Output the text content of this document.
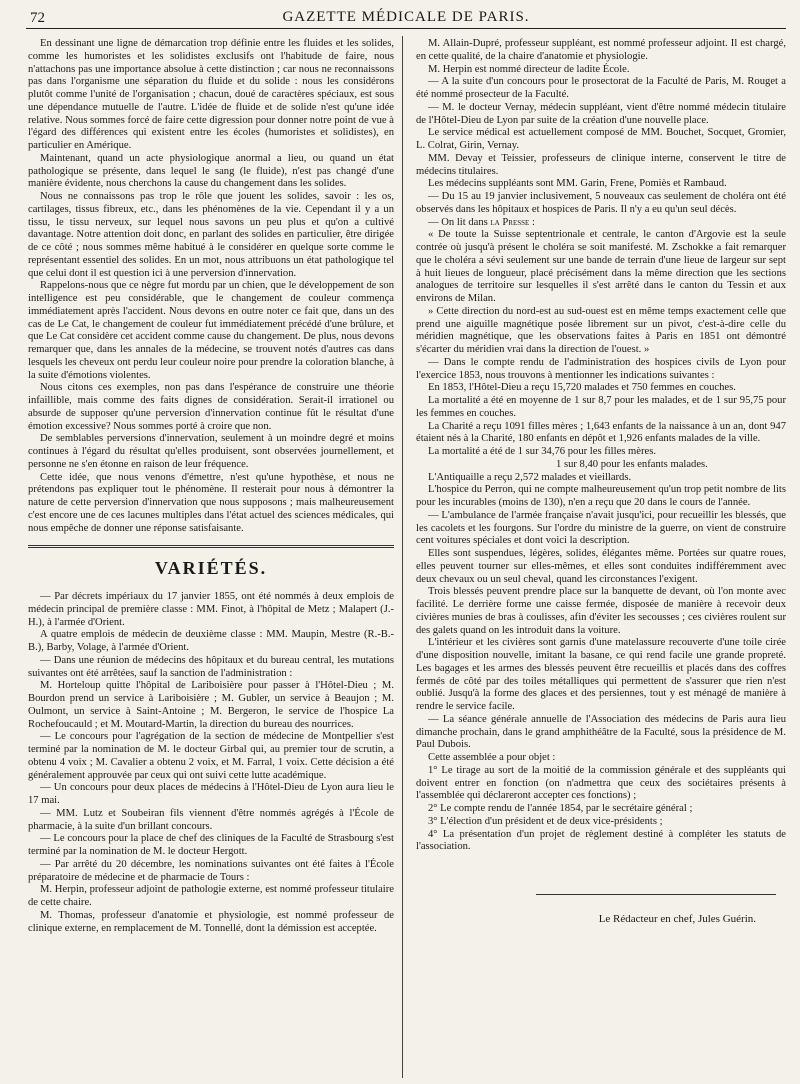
72	GAZETTE MÉDICALE DE PARIS.

En dessinant une ligne de démarcation trop définie entre les fluides et les solides, comme les humoristes et les solidistes exclusifs ont l'habitude de faire, nous n'attachons pas une importance absolue à cette distinction ; car nous ne reconnaissons pas dans l'organisme une séparation du fluide et du solide : nous les considérons plutôt comme l'unité de l'organisation ; chacun, doué de caractères spéciaux, est sous une dépendance mutuelle de l'autre. L'idée de fluide et de solide n'est qu'une idée relative. Nous sommes forcé de faire cette digression pour donner notre point de vue à l'égard des différences qui existent entre les écoles (humoristes et solidistes), en particulier en Amérique.

Maintenant, quand un acte physiologique anormal a lieu, ou quand un état pathologique se présente, dans lequel le sang (le fluide), n'est pas changé d'une manière évidente, nous cherchons la cause du changement dans les solides.

Nous ne connaissons pas trop le rôle que jouent les solides, savoir : les os, cartilages, tissus fibreux, etc., dans les phénomènes de la vie. Cependant il y a un tissu, le tissu nerveux, sur lequel nous savons un peu plus et qu'on a cultivé davantage. Notre attention doit donc, en parlant des solides en particulier, être dirigée de ce côté ; nous sommes même habitué à le considérer en quelque sorte comme le représentant essentiel des solides. En un mot, nous attribuons un état pathologique tel que celui dont il est question ici à une perversion d'innervation.

Rappelons-nous que ce nègre fut mordu par un chien, que le développement de son intelligence est peu considérable, que le changement de couleur commença immédiatement après l'accident. Nous devons en outre noter ce fait que, dans un des cas de Le Cat, le changement de couleur fut immédiatement précédé d'une brûlure, et que Le Cat considère cet accident comme cause du changement. De plus, nous devons remarquer que, dans les annales de la médecine, se trouvent notés d'autres cas dans lesquels les cheveux ont perdu leur couleur noire pour prendre la coloration blanche, à la suite d'émotions violentes.

Nous citons ces exemples, non pas dans l'espérance de construire une théorie infaillible, mais comme des faits dignes de considération. Serait-il irrationel ou absurde de supposer qu'une perversion d'innervation continue fût le résultat d'une émotion excessive? Nous sommes porté à croire que non.

De semblables perversions d'innervation, seulement à un moindre degré et moins continues à l'égard du résultat qu'elles produisent, sont observées journellement, et personne ne s'en étonne en raison de leur fréquence.

Cette idée, que nous venons d'émettre, n'est qu'une hypothèse, et nous ne prétendons pas expliquer tout le phénomène. Il resterait pour nous à démontrer la nature de cette perversion d'innervation que nous supposons ; mais malheureusement c'est encore une de ces lacunes multiples dans l'état actuel des sciences médicales, qui nous empêche de donner une réponse satisfaisante.

VARIÉTÉS.

— Par décrets impériaux du 17 janvier 1855, ont été nommés à deux emplois de médecin principal de première classe : MM. Finot, à l'hôpital de Metz ; Malapert (J.-H.), à l'armée d'Orient.

A quatre emplois de médecin de deuxième classe : MM. Maupin, Mestre (R.-B.-B.), Barby, Volage, à l'armée d'Orient.

— Dans une réunion de médecins des hôpitaux et du bureau central, les mutations suivantes ont été arrêtées, sauf la sanction de l'administration :

M. Horteloup quitte l'hôpital de Lariboisière pour passer à l'Hôtel-Dieu ; M. Bourdon prend un service à Lariboisière ; M. Gubler, un service à Beaujon ; M. Oulmont, un service à Saint-Antoine ; M. Bergeron, le service de l'hospice La Rochefoucauld ; et M. Moutard-Martin, la direction du bureau des nourrices.

— Le concours pour l'agrégation de la section de médecine de Montpellier s'est terminé par la nomination de M. le docteur Girbal qui, au premier tour de scrutin, a obtenu 4 voix ; M. Cavalier a obtenu 2 voix, et M. Farral, 1 voix. Cette décision a été généralement approuvée par ceux qui ont suivi cette lutte académique.

— Un concours pour deux places de médecins à l'Hôtel-Dieu de Lyon aura lieu le 17 mai.

— MM. Lutz et Soubeiran fils viennent d'être nommés agrégés à l'École de pharmacie, à la suite d'un brillant concours.

— Le concours pour la place de chef des cliniques de la Faculté de Strasbourg s'est terminé par la nomination de M. le docteur Hergott.

— Par arrêté du 20 décembre, les nominations suivantes ont été faites à l'École préparatoire de médecine et de pharmacie de Tours :

M. Herpin, professeur adjoint de pathologie externe, est nommé professeur titulaire de cette chaire.

M. Thomas, professeur d'anatomie et physiologie, est nommé professeur de clinique externe, en remplacement de M. Tonnellé, dont la démission est acceptée.

M. Allain-Dupré, professeur suppléant, est nommé professeur adjoint. Il est chargé, en cette qualité, de la chaire d'anatomie et physiologie.

M. Herpin est nommé directeur de ladite École.

— A la suite d'un concours pour le prosectorat de la Faculté de Paris, M. Rouget a été nommé prosecteur de la Faculté.

— M. le docteur Vernay, médecin suppléant, vient d'être nommé médecin titulaire de l'Hôtel-Dieu de Lyon par suite de la création d'une nouvelle place.

Le service médical est actuellement composé de MM. Bouchet, Socquet, Gromier, L. Colrat, Girin, Vernay.

MM. Devay et Teissier, professeurs de clinique interne, conservent le titre de médecins titulaires.

Les médecins suppléants sont MM. Garin, Frene, Pomiès et Rambaud.

— Du 15 au 19 janvier inclusivement, 5 nouveaux cas seulement de choléra ont été observés dans les hôpitaux et hospices de Paris. Il n'y a eu qu'un seul décès.

— On lit dans la Presse :

« De toute la Suisse septentrionale et centrale, le canton d'Argovie est la seule contrée où jusqu'à présent le choléra se soit manifesté. M. Zschokke a fait remarquer que le choléra a sévi seulement sur une bande de terrain d'une lieue de largeur sur sept à huit lieues de longueur, placé précisément dans la même direction que les sections analogues de territoire sur lesquelles il s'est arrêté dans le canton du Tessin et aux environs de Milan.

» Cette direction du nord-est au sud-ouest est en même temps exactement celle que prend une aiguille magnétique posée librement sur un pivot, c'est-à-dire celle du méridien magnétique, que les observations faites à Paris en 1851 ont démontré s'écarter du méridien vrai dans la direction de l'ouest. »

— Dans le compte rendu de l'administration des hospices civils de Lyon pour l'exercice 1853, nous trouvons à mentionner les indications suivantes :

En 1853, l'Hôtel-Dieu a reçu 15,720 malades et 750 femmes en couches.

La mortalité a été en moyenne de 1 sur 8,7 pour les malades, et de 1 sur 95,75 pour les femmes en couches.

La Charité a reçu 1091 filles mères ; 1,643 enfants de la naissance à un an, dont 947 étaient nés à la Charité, 180 enfants en dépôt et 1,926 enfants malades de la ville.

La mortalité a été de 1 sur 34,76 pour les filles mères.

1 sur 8,40 pour les enfants malades.

L'Antiquaille a reçu 2,572 malades et vieillards.

L'hospice du Perron, qui ne compte malheureusement qu'un trop petit nombre de lits pour les incurables (moins de 130), n'en a reçu que 20 dans le cours de l'année.

— L'ambulance de l'armée française n'avait jusqu'ici, pour recueillir les blessés, que les cacolets et les fourgons. Sur l'ordre du ministre de la guerre, on vient de construire cent voitures spéciales et dont voici la description.

Elles sont suspendues, légères, solides, élégantes même. Portées sur quatre roues, elles peuvent tourner sur elles-mêmes, et elles sont conduites indifféremment avec deux chevaux ou un seul cheval, quand les circonstances l'exigent.

Trois blessés peuvent prendre place sur la banquette de devant, où l'on monte avec facilité. Le derrière forme une caisse fermée, disposée de manière à recevoir deux civières munies de bras à coulisses, afin d'éviter les secousses ; ces civières roulent sur des galets quand on les introduit dans la voiture.

L'intérieur et les civières sont garnis d'une matelassure recouverte d'une toile cirée d'une disposition nouvelle, imitant la basane, ce qui rend facile une grande propreté. Les bagages et les armes des blessés peuvent être recueillis et placés dans des coffres fermés de côté par des toiles métalliques qui permettent de s'assurer que rien n'est oublié. Jusqu'à la forme des glaces et des persiennes, tout y est ménagé de manière à rendre le service facile.

— La séance générale annuelle de l'Association des médecins de Paris aura lieu dimanche prochain, dans le grand amphithéâtre de la Faculté, sous la présidence de M. Paul Dubois.

Cette assemblée a pour objet :

1° Le tirage au sort de la moitié de la commission générale et des suppléants qui doivent entrer en fonction (on n'admettra que ceux des sociétaires présents à l'assemblée qui déclareront accepter ces fonctions) ;

2° Le compte rendu de l'année 1854, par le secrétaire général ;

3° L'élection d'un président et de deux vice-présidents ;

4° La présentation d'un projet de règlement destiné à compléter les statuts de l'association.

Le Rédacteur en chef, Jules Guérin.
